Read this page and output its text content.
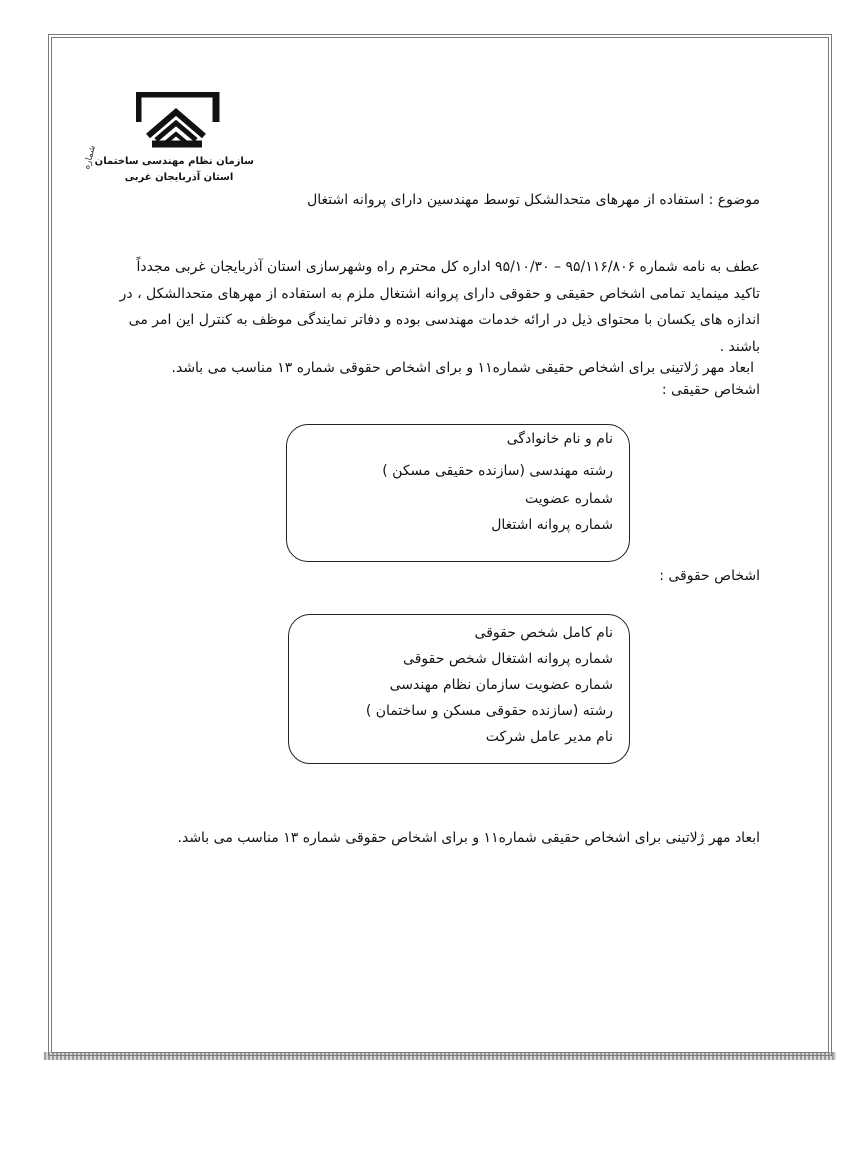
سازمان نظام مهندسی ساختمان
استان آذربایجان غربی
شماره
موضوع : استفاده از مهرهای متحدالشکل توسط مهندسین دارای پروانه اشتغال
عطف به نامه شماره ۹۵/۱۱۶/۸۰۶ – ۹۵/۱۰/۳۰ اداره کل محترم راه وشهرسازی استان آذربایجان غربی مجدداً
تاکید مینماید تمامی اشخاص حقیقی و حقوقی دارای پروانه اشتغال ملزم به استفاده از مهرهای متحدالشکل ، در
اندازه های یکسان با محتوای ذیل در ارائه خدمات مهندسی بوده و دفاتر نمایندگی موظف به کنترل این امر می
باشند .
ابعاد مهر ژلاتینی برای اشخاص حقیقی شماره۱۱ و برای اشخاص حقوقی شماره ۱۳ مناسب می باشد.
اشخاص حقیقی :
نام و نام خانوادگی
رشته مهندسی (سازنده حقیقی مسکن )
شماره عضویت
شماره پروانه اشتغال
اشخاص حقوقی :
نام کامل شخص حقوقی
شماره پروانه اشتغال شخص حقوقی
شماره عضویت سازمان نظام مهندسی
رشته (سازنده حقوقی مسکن و ساختمان )
نام مدیر عامل شرکت
ابعاد مهر ژلاتینی برای اشخاص حقیقی شماره۱۱ و برای اشخاص حقوقی شماره ۱۳ مناسب می باشد.
